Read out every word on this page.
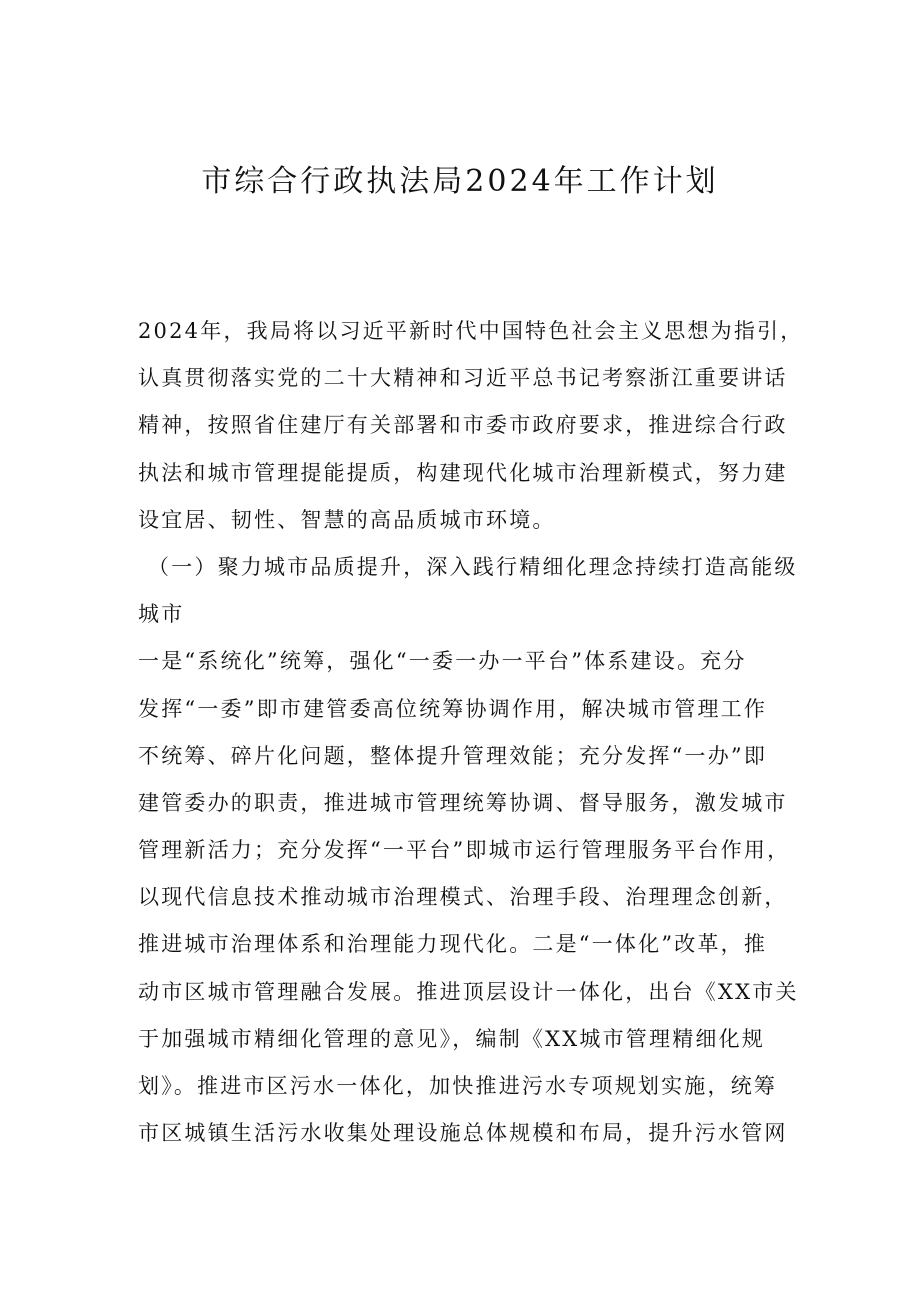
市综合行政执法局2024年工作计划
2024年，我局将以习近平新时代中国特色社会主义思想为指引，
认真贯彻落实党的二十大精神和习近平总书记考察浙江重要讲话
精神，按照省住建厅有关部署和市委市政府要求，推进综合行政
执法和城市管理提能提质，构建现代化城市治理新模式，努力建
设宜居、韧性、智慧的高品质城市环境。
（一）聚力城市品质提升，深入践行精细化理念持续打造高能级
城市
一是“系统化”统筹，强化“一委一办一平台”体系建设。充分
发挥“一委”即市建管委高位统筹协调作用，解决城市管理工作
不统筹、碎片化问题，整体提升管理效能；充分发挥“一办”即
建管委办的职责，推进城市管理统筹协调、督导服务，激发城市
管理新活力；充分发挥“一平台”即城市运行管理服务平台作用，
以现代信息技术推动城市治理模式、治理手段、治理理念创新，
推进城市治理体系和治理能力现代化。二是“一体化”改革，推
动市区城市管理融合发展。推进顶层设计一体化，出台《XX市关
于加强城市精细化管理的意见》，编制《XX城市管理精细化规
划》。推进市区污水一体化，加快推进污水专项规划实施，统筹
市区城镇生活污水收集处理设施总体规模和布局，提升污水管网
